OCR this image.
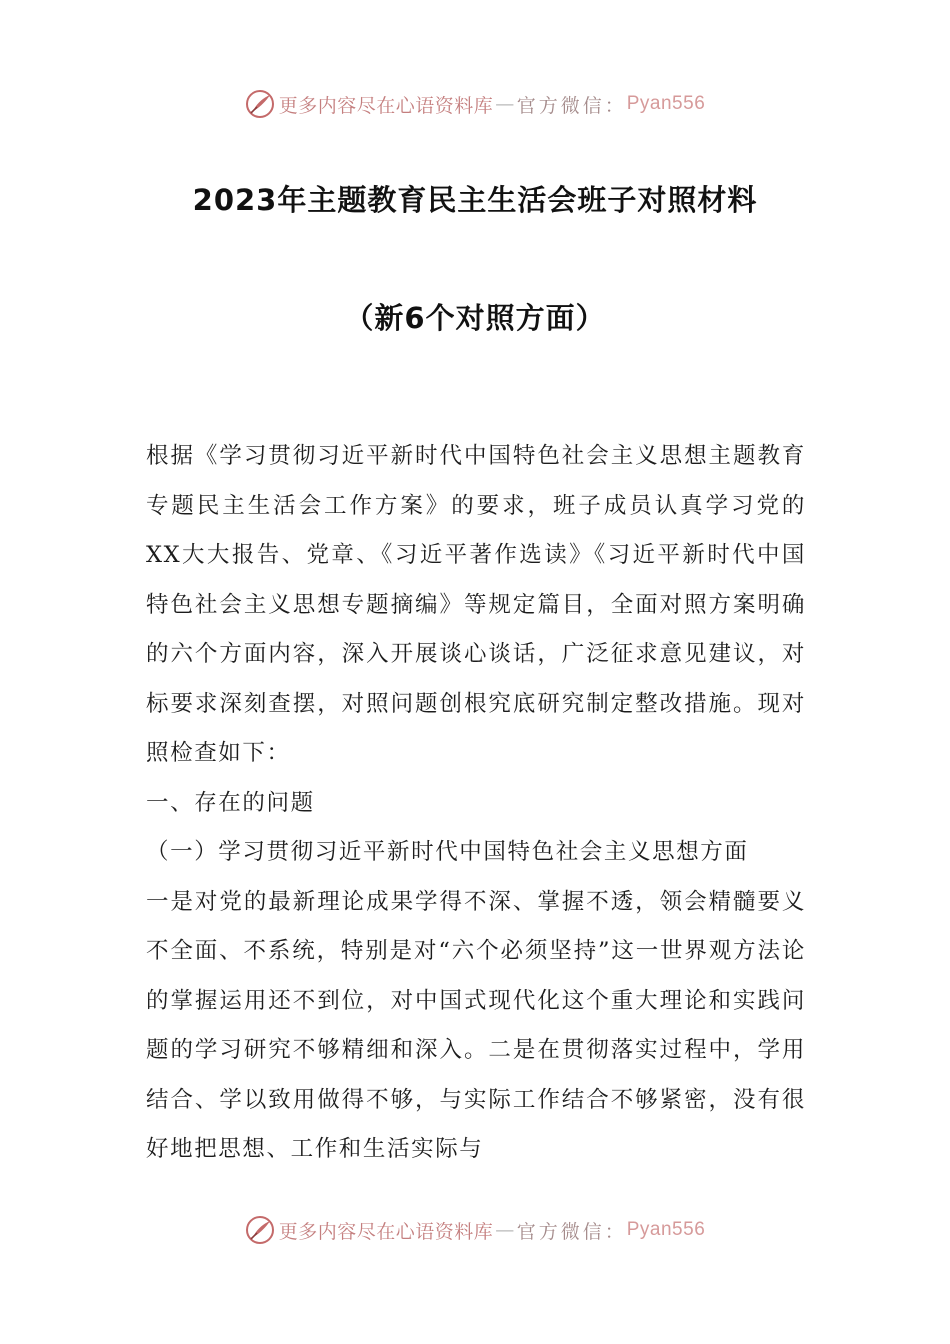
更多内容尽在心语资料库 — 官方微信： Pyan556
2023年主题教育民主生活会班子对照材料
（新6个对照方面）

根据《学习贯彻习近平新时代中国特色社会主义思想主题教育专题民主生活会工作方案》的要求，班子成员认真学习党的XX大大报告、党章、《习近平著作选读》《习近平新时代中国特色社会主义思想专题摘编》等规定篇目，全面对照方案明确的六个方面内容，深入开展谈心谈话，广泛征求意见建议，对标要求深刻查摆，对照问题创根究底研究制定整改措施。现对照检查如下：

一、存在的问题

（一）学习贯彻习近平新时代中国特色社会主义思想方面

一是对党的最新理论成果学得不深、掌握不透，领会精髓要义不全面、不系统，特别是对“六个必须坚持”这一世界观方法论的掌握运用还不到位，对中国式现代化这个重大理论和实践问题的学习研究不够精细和深入。二是在贯彻落实过程中，学用结合、学以致用做得不够，与实际工作结合不够紧密，没有很好地把思想、工作和生活实际与

更多内容尽在心语资料库 — 官方微信： Pyan556
